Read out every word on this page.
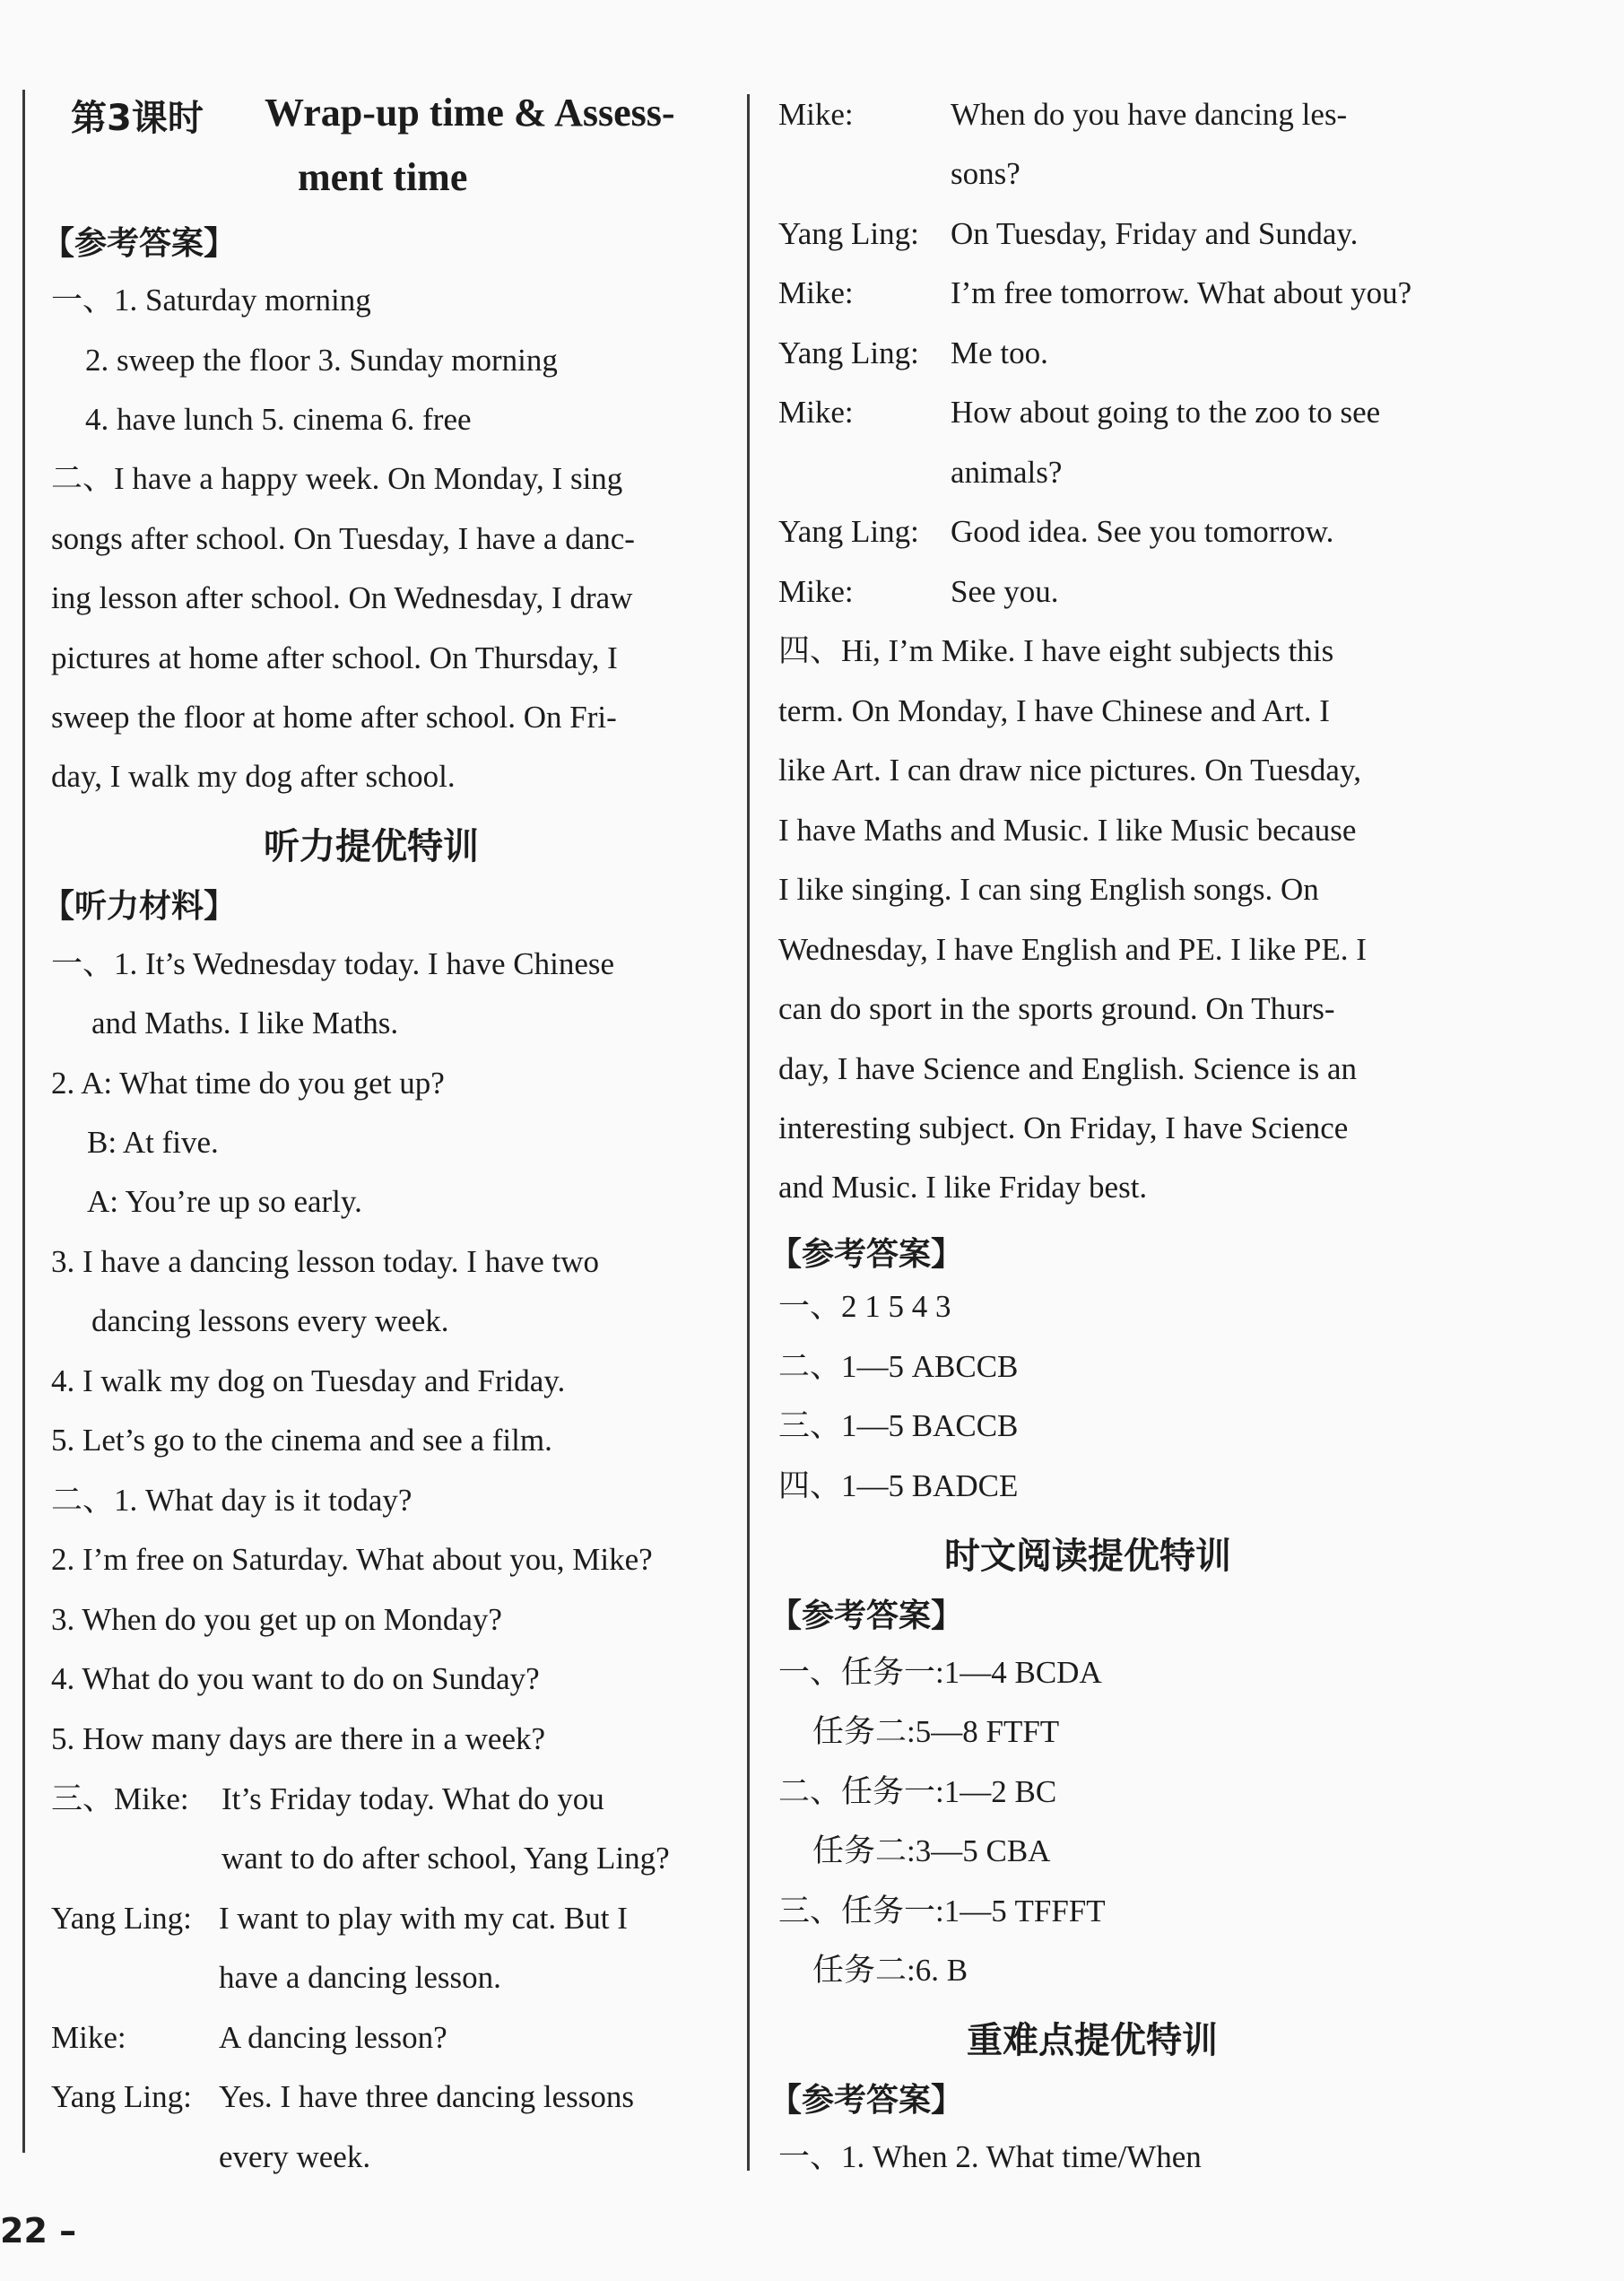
第3课时 Wrap-up time & Assess-
ment time
【参考答案】
一、1. Saturday morning
2. sweep the floor 3. Sunday morning
4. have lunch 5. cinema 6. free
二、I have a happy week. On Monday, I sing
songs after school. On Tuesday, I have a danc-
ing lesson after school. On Wednesday, I draw
pictures at home after school. On Thursday, I
sweep the floor at home after school. On Fri-
day, I walk my dog after school.
听力提优特训
【听力材料】
一、1. It’s Wednesday today. I have Chinese
and Maths. I like Maths.
2. A: What time do you get up?
B: At five.
A: You’re up so early.
3. I have a dancing lesson today. I have two
dancing lessons every week.
4. I walk my dog on Tuesday and Friday.
5. Let’s go to the cinema and see a film.
二、1. What day is it today?
2. I’m free on Saturday. What about you, Mike?
3. When do you get up on Monday?
4. What do you want to do on Sunday?
5. How many days are there in a week?
三、Mike: It’s Friday today. What do you
want to do after school, Yang Ling?
Yang Ling: I want to play with my cat. But I
have a dancing lesson.
Mike:	A dancing lesson?
Yang Ling: Yes. I have three dancing lessons
every week.
Mike:	When do you have dancing les-
sons?
Yang Ling: On Tuesday, Friday and Sunday.
Mike:	I’m free tomorrow. What about you?
Yang Ling: Me too.
Mike:	How about going to the zoo to see
animals?
Yang Ling: Good idea. See you tomorrow.
Mike:	See you.
四、Hi, I’m Mike. I have eight subjects this
term. On Monday, I have Chinese and Art. I
like Art. I can draw nice pictures. On Tuesday,
I have Maths and Music. I like Music because
I like singing. I can sing English songs. On
Wednesday, I have English and PE. I like PE. I
can do sport in the sports ground. On Thurs-
day, I have Science and English. Science is an
interesting subject. On Friday, I have Science
and Music. I like Friday best.
【参考答案】
一、2 1 5 4 3
二、1—5 ABCCB
三、1—5 BACCB
四、1—5 BADCE
时文阅读提优特训
【参考答案】
一、任务一:1—4 BCDA
任务二:5—8 FTFT
二、任务一:1—2 BC
任务二:3—5 CBA
三、任务一:1—5 TFFFT
任务二:6. B
重难点提优特训
【参考答案】
一、1. When 2. What time/When
22 –
